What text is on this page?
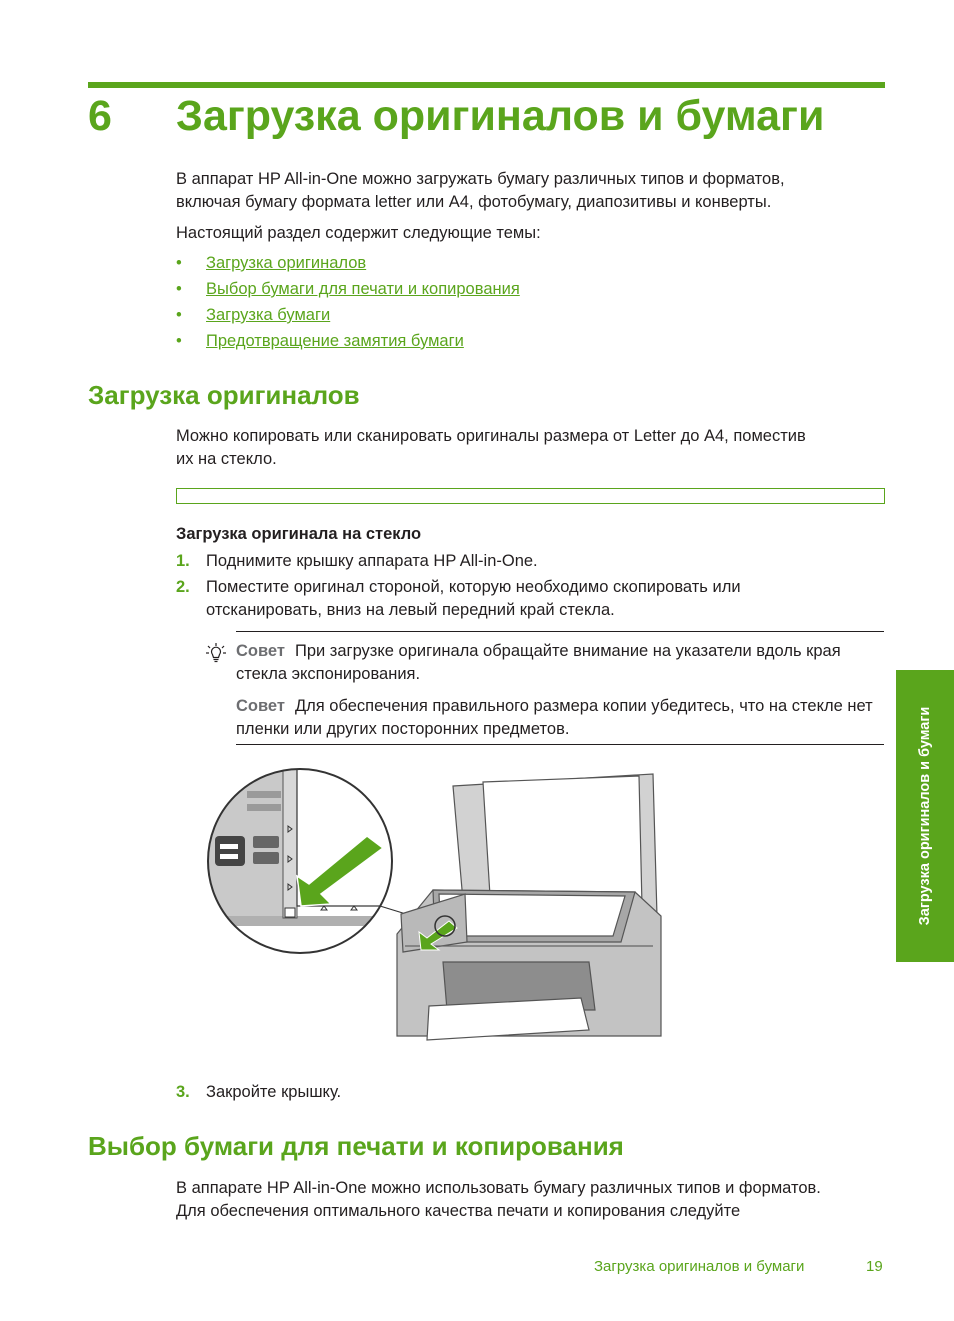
6 Загрузка оригиналов и бумаги
В аппарат HP All-in-One можно загружать бумагу различных типов и форматов,
включая бумагу формата letter или A4, фотобумагу, диапозитивы и конверты.
Настоящий раздел содержит следующие темы:
• Загрузка оригиналов
• Выбор бумаги для печати и копирования
• Загрузка бумаги
• Предотвращение замятия бумаги
Загрузка оригиналов
Можно копировать или сканировать оригиналы размера от Letter до A4, поместив
их на стекло.
Загрузка оригинала на стекло
1. Поднимите крышку аппарата HP All-in-One.
2. Поместите оригинал стороной, которую необходимо скопировать или отсканировать, вниз на левый передний край стекла.
Совет При загрузке оригинала обращайте внимание на указатели вдоль края стекла экспонирования.
Совет Для обеспечения правильного размера копии убедитесь, что на стекле нет пленки или других посторонних предметов.
3. Закройте крышку.
Выбор бумаги для печати и копирования
В аппарате HP All-in-One можно использовать бумагу различных типов и форматов.
Для обеспечения оптимального качества печати и копирования следуйте
Загрузка оригиналов и бумаги	19
Загрузка оригиналов и бумаги
